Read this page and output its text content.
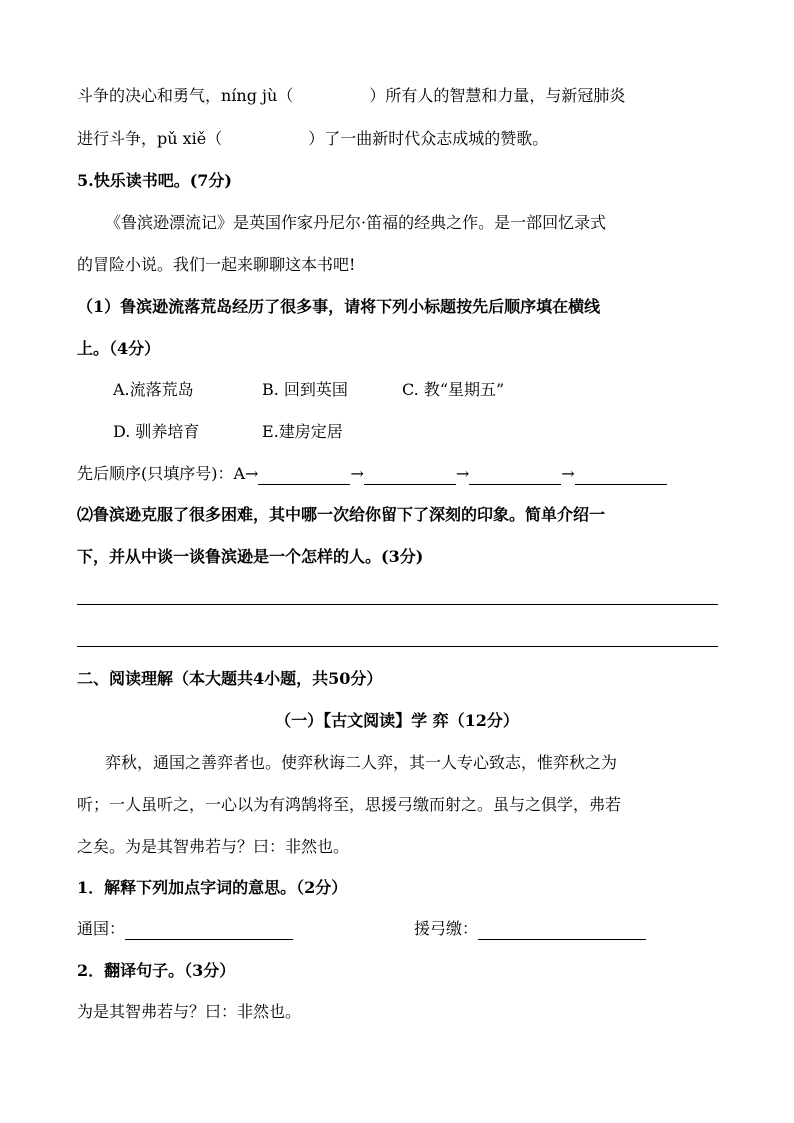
斗争的决心和勇气，níng jù（	）所有人的智慧和力量，与新冠肺炎
进行斗争，pǔ xiě（	）了一曲新时代众志成城的赞歌。
5.快乐读书吧。(7分)
《鲁滨逊漂流记》是英国作家丹尼尔·笛福的经典之作。是一部回忆录式
的冒险小说。我们一起来聊聊这本书吧!
（1）鲁滨逊流落荒岛经历了很多事，请将下列小标题按先后顺序填在横线
上。（4分）
A.流落荒岛	B. 回到英国	C. 教“星期五”
D. 驯养培育	E.建房定居
先后顺序(只填序号)：A→	→	→	→
⑵鲁滨逊克服了很多困难，其中哪一次给你留下了深刻的印象。简单介绍一
下，并从中谈一谈鲁滨逊是一个怎样的人。(3分)
二、阅读理解（本大题共4小题，共50分）
（一）【古文阅读】学 弈（12分）
弈秋，通国之善弈者也。使弈秋诲二人弈，其一人专心致志，惟弈秋之为
听；一人虽听之，一心以为有鸿鹄将至，思援弓缴而射之。虽与之俱学，弗若
之矣。为是其智弗若与？曰：非然也。
1．解释下列加点字词的意思。（2分）
通国：	援弓缴：
2．翻译句子。（3分）
为是其智弗若与？曰：非然也。
